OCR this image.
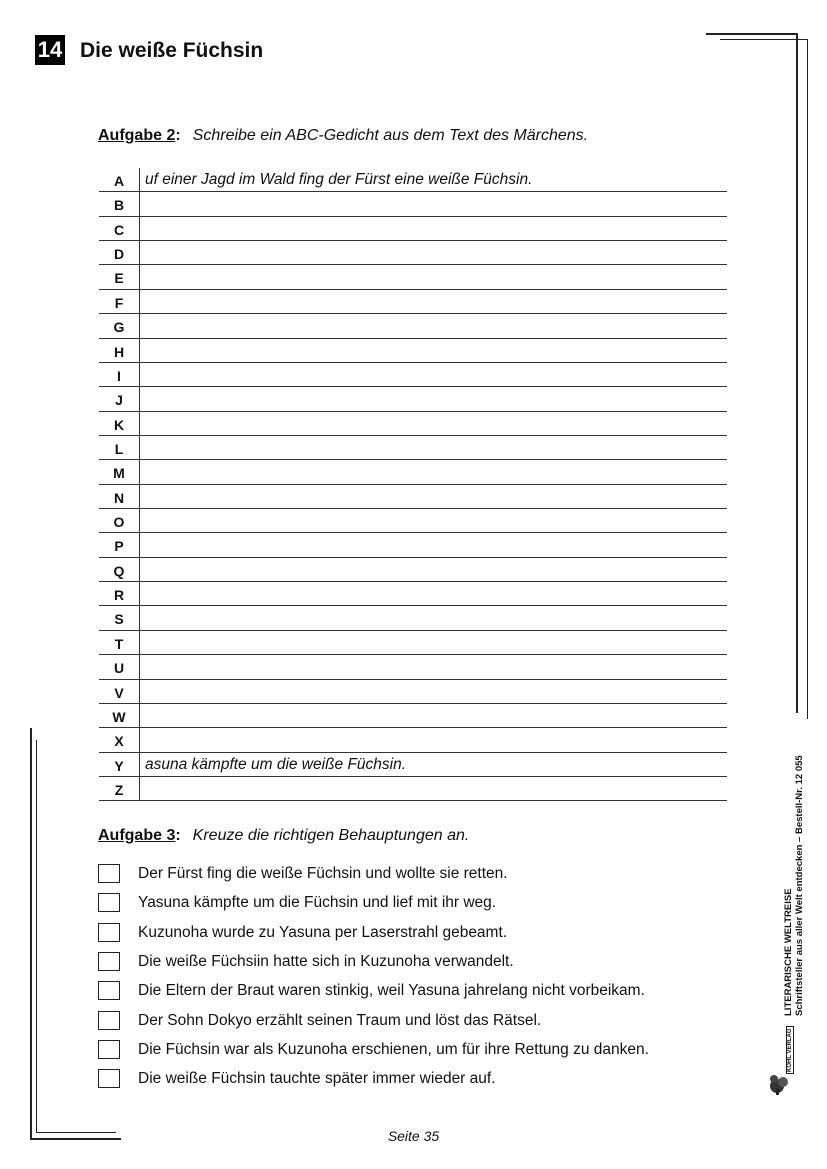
14 Die weiße Füchsin
Aufgabe 2: Schreibe ein ABC-Gedicht aus dem Text des Märchens.
A	uf einer Jagd im Wald fing der Fürst eine weiße Füchsin.
B
C
D
E
F
G
H
I
J
K
L
M
N
O
P
Q
R
S
T
U
V
W
X
Y	asuna kämpfte um die weiße Füchsin.
Z
Aufgabe 3: Kreuze die richtigen Behauptungen an.
Der Fürst fing die weiße Füchsin und wollte sie retten.
Yasuna kämpfte um die Füchsin und lief mit ihr weg.
Kuzunoha wurde zu Yasuna per Laserstrahl gebeamt.
Die weiße Füchsiin hatte sich in Kuzunoha verwandelt.
Die Eltern der Braut waren stinkig, weil Yasuna jahrelang nicht vorbeikam.
Der Sohn Dokyo erzählt seinen Traum und löst das Rätsel.
Die Füchsin war als Kuzunoha erschienen, um für ihre Rettung zu danken.
Die weiße Füchsin tauchte später immer wieder auf.
LITERARISCHE WELTREISE Schriftsteller aus aller Welt entdecken – Bestell-Nr. 12 055
KOHL VERLAG
Seite 35
